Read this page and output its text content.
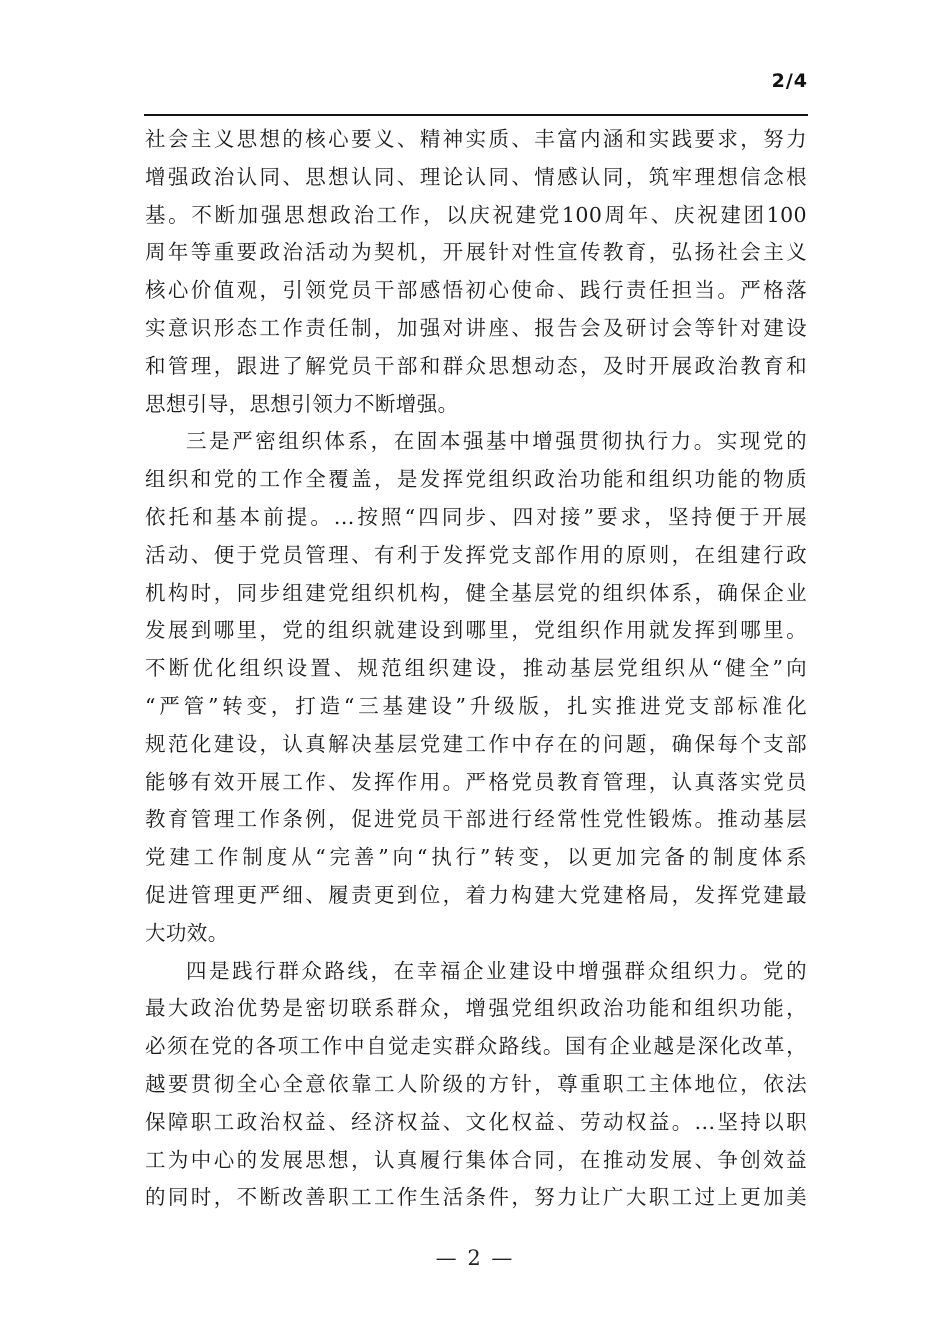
2/4
社会主义思想的核心要义、精神实质、丰富内涵和实践要求，努力
增强政治认同、思想认同、理论认同、情感认同，筑牢理想信念根
基。不断加强思想政治工作，以庆祝建党100周年、庆祝建团100
周年等重要政治活动为契机，开展针对性宣传教育，弘扬社会主义
核心价值观，引领党员干部感悟初心使命、践行责任担当。严格落
实意识形态工作责任制，加强对讲座、报告会及研讨会等针对建设
和管理，跟进了解党员干部和群众思想动态，及时开展政治教育和
思想引导，思想引领力不断增强。
三是严密组织体系，在固本强基中增强贯彻执行力。实现党的
组织和党的工作全覆盖，是发挥党组织政治功能和组织功能的物质
依托和基本前提。...按照“四同步、四对接”要求，坚持便于开展
活动、便于党员管理、有利于发挥党支部作用的原则，在组建行政
机构时，同步组建党组织机构，健全基层党的组织体系，确保企业
发展到哪里，党的组织就建设到哪里，党组织作用就发挥到哪里。
不断优化组织设置、规范组织建设，推动基层党组织从“健全”向
“严管”转变，打造“三基建设”升级版，扎实推进党支部标准化
规范化建设，认真解决基层党建工作中存在的问题，确保每个支部
能够有效开展工作、发挥作用。严格党员教育管理，认真落实党员
教育管理工作条例，促进党员干部进行经常性党性锻炼。推动基层
党建工作制度从“完善”向“执行”转变，以更加完备的制度体系
促进管理更严细、履责更到位，着力构建大党建格局，发挥党建最
大功效。
四是践行群众路线，在幸福企业建设中增强群众组织力。党的
最大政治优势是密切联系群众，增强党组织政治功能和组织功能，
必须在党的各项工作中自觉走实群众路线。国有企业越是深化改革，
越要贯彻全心全意依靠工人阶级的方针，尊重职工主体地位，依法
保障职工政治权益、经济权益、文化权益、劳动权益。...坚持以职
工为中心的发展思想，认真履行集体合同，在推动发展、争创效益
的同时，不断改善职工工作生活条件，努力让广大职工过上更加美
— 2 —
